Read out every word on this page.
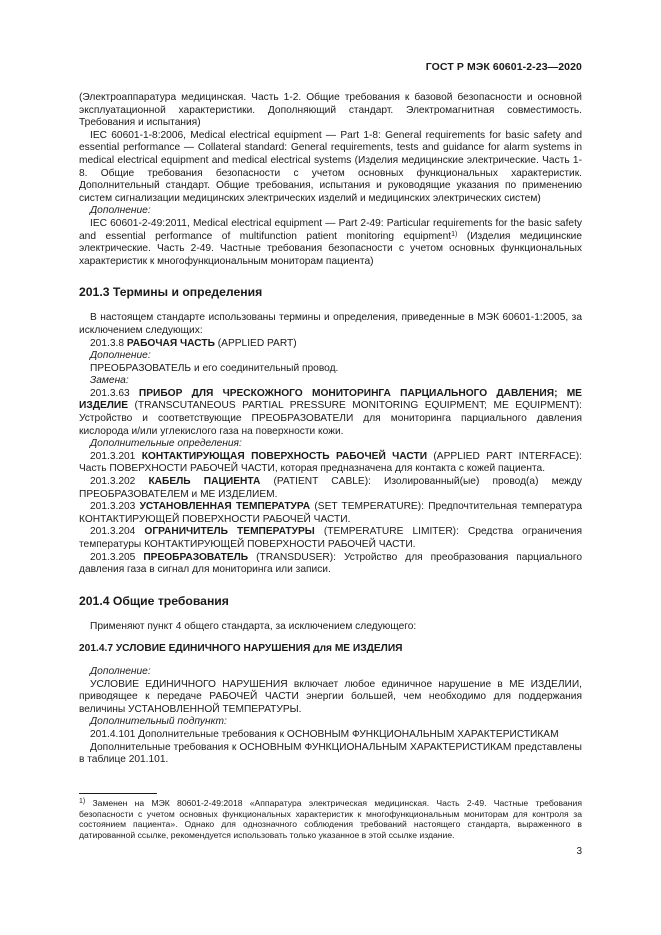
ГОСТ Р МЭК 60601-2-23—2020

(Электроаппаратура медицинская. Часть 1-2. Общие требования к базовой безопасности и основной эксплуатационной характеристики. Дополняющий стандарт. Электромагнитная совместимость. Требования и испытания)

IEC 60601-1-8:2006, Medical electrical equipment — Part 1-8: General requirements for basic safety and essential performance — Collateral standard: General requirements, tests and guidance for alarm systems in medical electrical equipment and medical electrical systems (Изделия медицинские электрические. Часть 1-8. Общие требования безопасности с учетом основных функциональных характеристик. Дополнительный стандарт. Общие требования, испытания и руководящие указания по применению систем сигнализации медицинских электрических изделий и медицинских электрических систем)

Дополнение:

IEC 60601-2-49:2011, Medical electrical equipment — Part 2-49: Particular requirements for the basic safety and essential performance of multifunction patient monitoring equipment$^{1)}$ (Изделия медицинские электрические. Часть 2-49. Частные требования безопасности с учетом основных функциональных характеристик к многофункциональным мониторам пациента)

201.3 Термины и определения

В настоящем стандарте использованы термины и определения, приведенные в МЭК 60601-1:2005, за исключением следующих:

201.3.8 РАБОЧАЯ ЧАСТЬ (APPLIED PART)

Дополнение:

ПРЕОБРАЗОВАТЕЛЬ и его соединительный провод.

Замена:

201.3.63 ПРИБОР ДЛЯ ЧРЕСКОЖНОГО МОНИТОРИНГА ПАРЦИАЛЬНОГО ДАВЛЕНИЯ; МЕ ИЗДЕЛИЕ (TRANSCUTANEOUS PARTIAL PRESSURE MONITORING EQUIPMENT; ME EQUIPMENT): Устройство и соответствующие ПРЕОБРАЗОВАТЕЛИ для мониторинга парциального давления кислорода и/или углекислого газа на поверхности кожи.

Дополнительные определения:

201.3.201 КОНТАКТИРУЮЩАЯ ПОВЕРХНОСТЬ РАБОЧЕЙ ЧАСТИ (APPLIED PART INTERFACE): Часть ПОВЕРХНОСТИ РАБОЧЕЙ ЧАСТИ, которая предназначена для контакта с кожей пациента.

201.3.202 КАБЕЛЬ ПАЦИЕНТА (PATIENT CABLE): Изолированный(ые) провод(а) между ПРЕОБРАЗОВАТЕЛЕМ и МЕ ИЗДЕЛИЕМ.

201.3.203 УСТАНОВЛЕННАЯ ТЕМПЕРАТУРА (SET TEMPERATURE): Предпочтительная температура КОНТАКТИРУЮЩЕЙ ПОВЕРХНОСТИ РАБОЧЕЙ ЧАСТИ.

201.3.204 ОГРАНИЧИТЕЛЬ ТЕМПЕРАТУРЫ (TEMPERATURE LIMITER): Средства ограничения температуры КОНТАКТИРУЮЩЕЙ ПОВЕРХНОСТИ РАБОЧЕЙ ЧАСТИ.

201.3.205 ПРЕОБРАЗОВАТЕЛЬ (TRANSDUSER): Устройство для преобразования парциального давления газа в сигнал для мониторинга или записи.

201.4 Общие требования

Применяют пункт 4 общего стандарта, за исключением следующего:

201.4.7 УСЛОВИЕ ЕДИНИЧНОГО НАРУШЕНИЯ для МЕ ИЗДЕЛИЯ

Дополнение:

УСЛОВИЕ ЕДИНИЧНОГО НАРУШЕНИЯ включает любое единичное нарушение в МЕ ИЗДЕЛИИ, приводящее к передаче РАБОЧЕЙ ЧАСТИ энергии большей, чем необходимо для поддержания величины УСТАНОВЛЕННОЙ ТЕМПЕРАТУРЫ.

Дополнительный подпункт:

201.4.101 Дополнительные требования к ОСНОВНЫМ ФУНКЦИОНАЛЬНЫМ ХАРАКТЕРИСТИКАМ

Дополнительные требования к ОСНОВНЫМ ФУНКЦИОНАЛЬНЫМ ХАРАКТЕРИСТИКАМ представлены в таблице 201.101.

$^{1)}$ Заменен на МЭК 80601-2-49:2018 «Аппаратура электрическая медицинская. Часть 2-49. Частные требования безопасности с учетом основных функциональных характеристик к многофункциональным мониторам для контроля за состоянием пациента». Однако для однозначного соблюдения требований настоящего стандарта, выраженного в датированной ссылке, рекомендуется использовать только указанное в этой ссылке издание.
3
